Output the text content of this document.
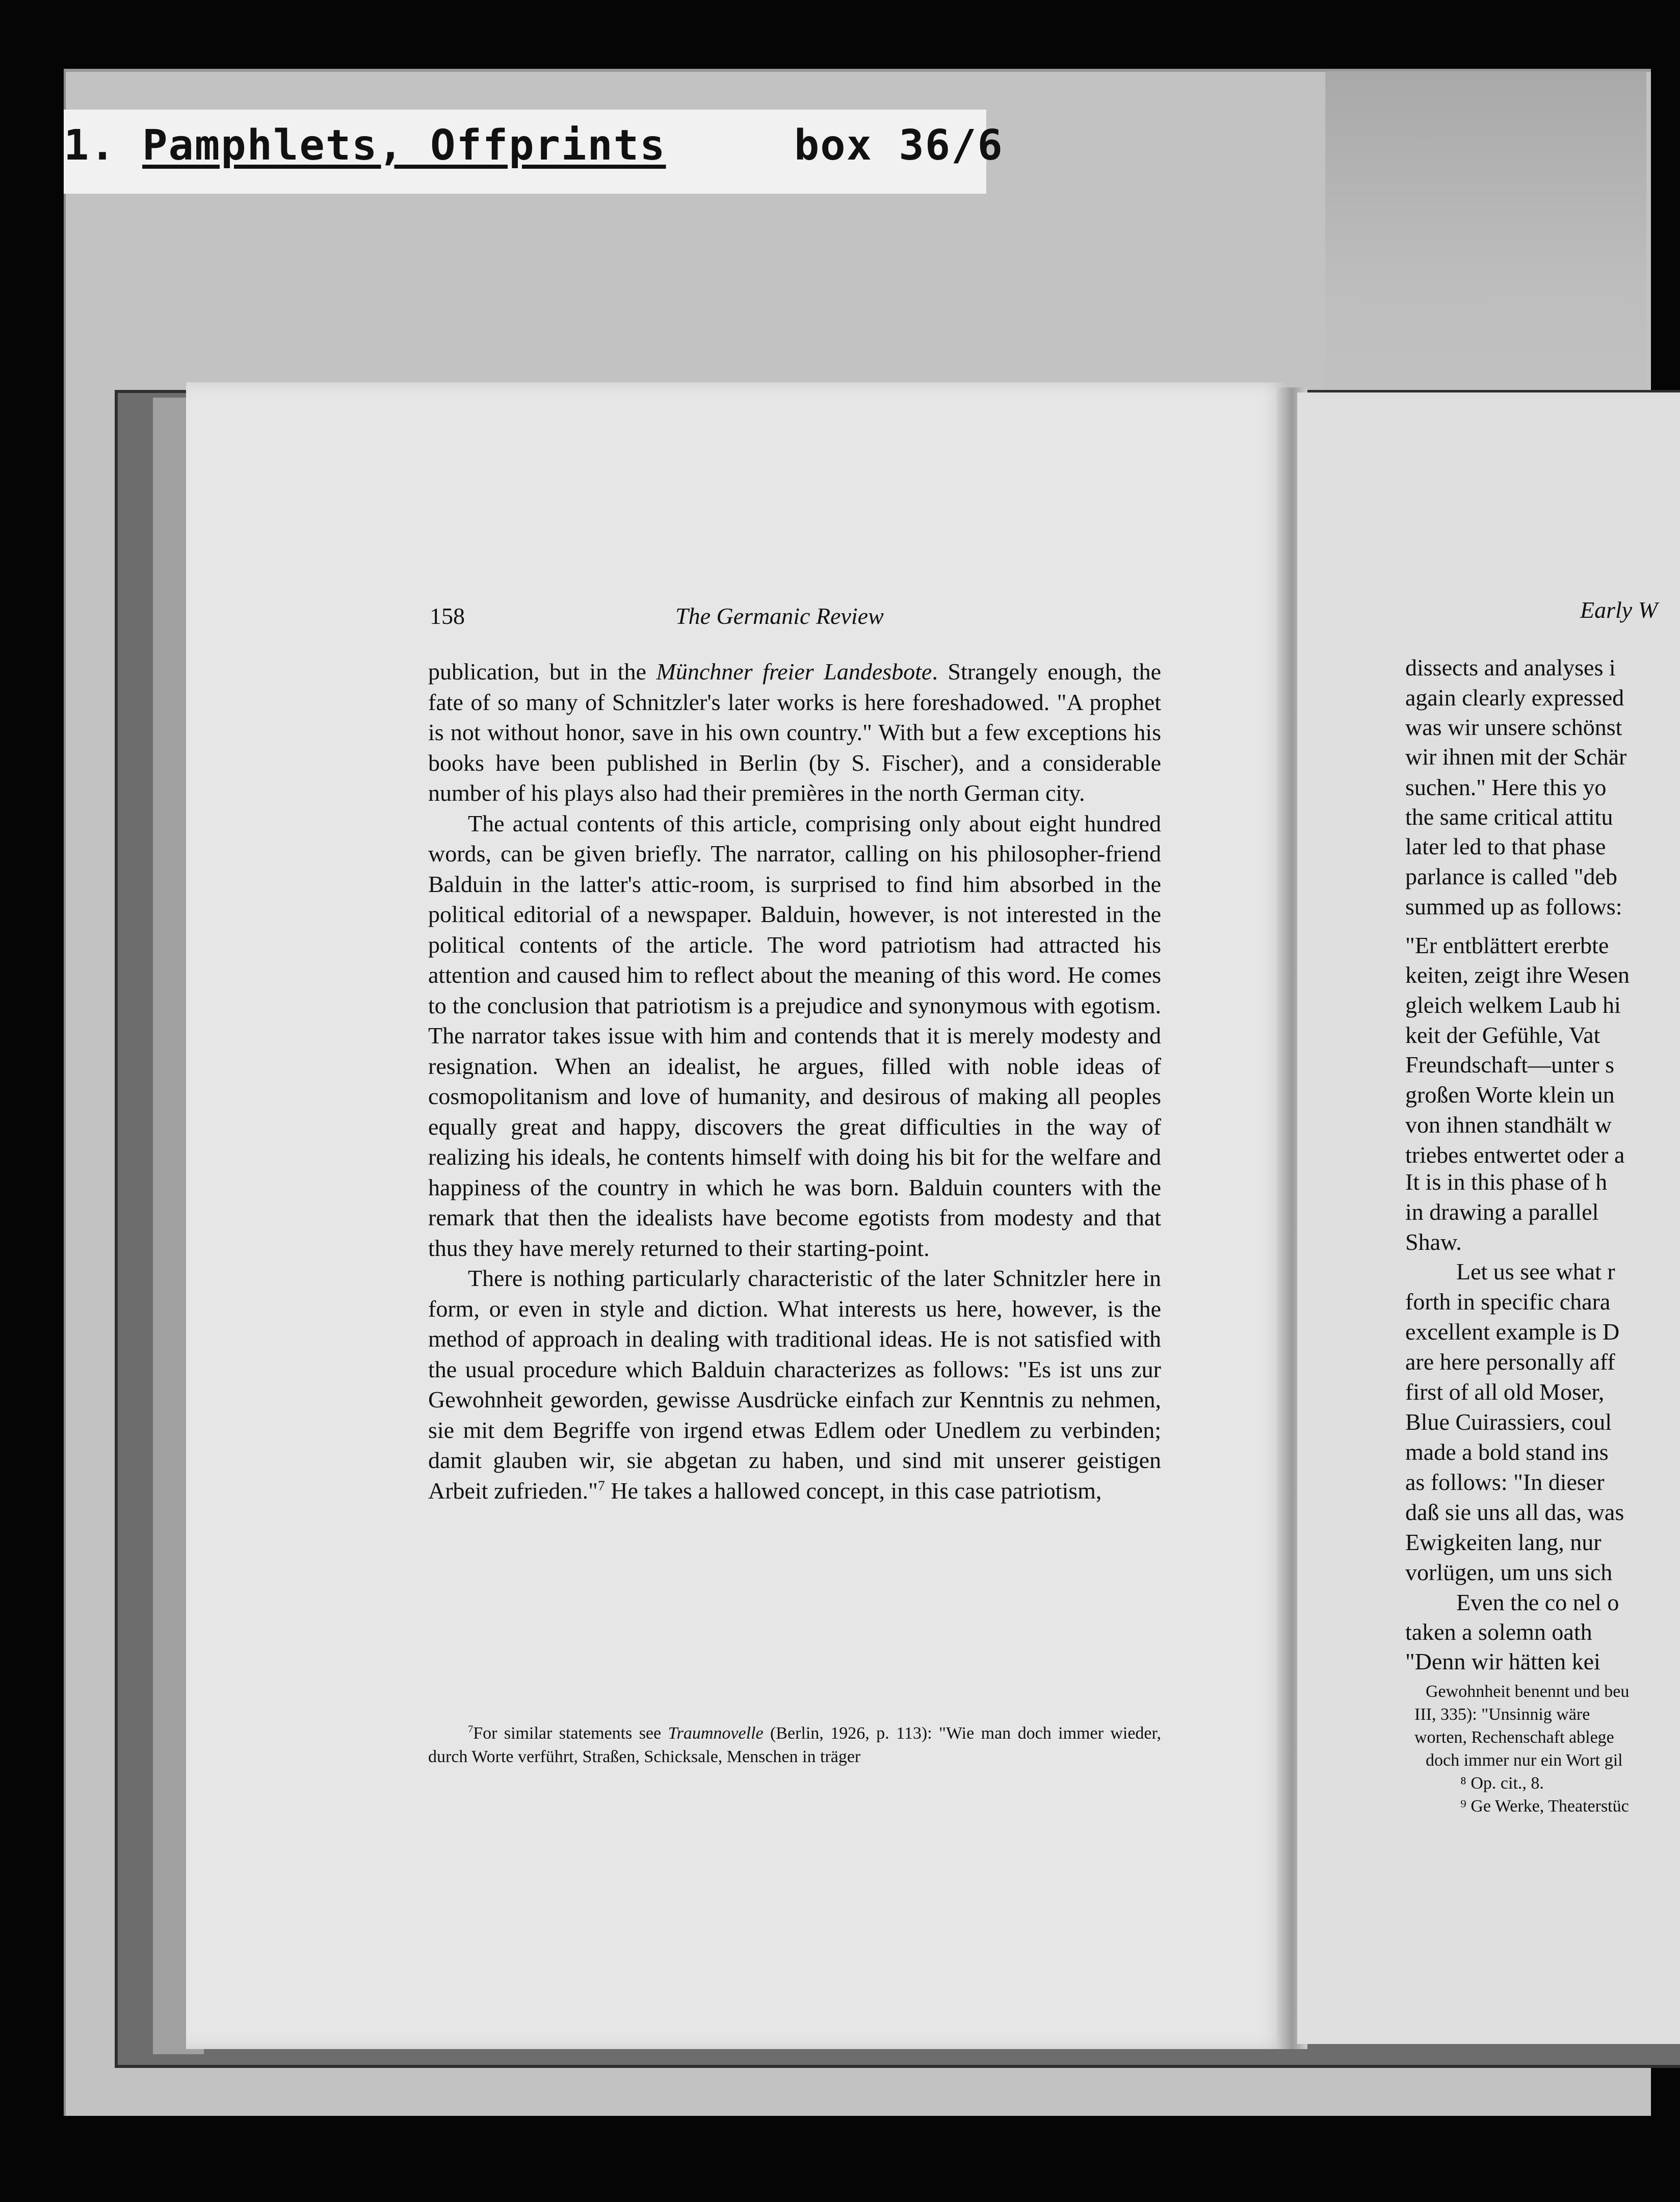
1. Pamphlets, Offprints	box 36/6
158	The Germanic Review

publication, but in the Münchner freier Landesbote. Strangely enough, the fate of so many of Schnitzler's later works is here foreshadowed. "A prophet is not without honor, save in his own country." With but a few exceptions his books have been published in Berlin (by S. Fischer), and a considerable number of his plays also had their premières in the north German city.

The actual contents of this article, comprising only about eight hundred words, can be given briefly. The narrator, calling on his philosopher-friend Balduin in the latter's attic-room, is surprised to find him absorbed in the political editorial of a newspaper. Balduin, however, is not interested in the political contents of the article. The word patriotism had attracted his attention and caused him to reflect about the meaning of this word. He comes to the conclusion that patriotism is a prejudice and synonymous with egotism. The narrator takes issue with him and contends that it is merely modesty and resignation. When an idealist, he argues, filled with noble ideas of cosmopolitanism and love of humanity, and desirous of making all peoples equally great and happy, discovers the great difficulties in the way of realizing his ideals, he contents himself with doing his bit for the welfare and happiness of the country in which he was born. Balduin counters with the remark that then the idealists have become egotists from modesty and that thus they have merely returned to their starting-point.

There is nothing particularly characteristic of the later Schnitzler here in form, or even in style and diction. What interests us here, however, is the method of approach in dealing with traditional ideas. He is not satisfied with the usual procedure which Balduin characterizes as follows: "Es ist uns zur Gewohnheit geworden, gewisse Ausdrücke einfach zur Kenntnis zu nehmen, sie mit dem Begriffe von irgend etwas Edlem oder Unedlem zu verbinden; damit glauben wir, sie abgetan zu haben, und sind mit unserer geistigen Arbeit zufrieden."$^7$ He takes a hallowed concept, in this case patriotism,

$^7$For similar statements see Traumnovelle (Berlin, 1926, p. 113): "Wie man doch immer wieder, durch Worte verführt, Straßen, Schicksale, Menschen in träger
Early W
dissects and analyses i
again clearly expressed
was wir unsere schönst
wir ihnen mit der Schär
suchen." Here this yo
the same critical attitu
later led to that phase
parlance is called "deb
summed up as follows:
"Er entblättert ererbte
keiten, zeigt ihre Wesen
gleich welkem Laub hi
keit der Gefühle, Vat
Freundschaft—unter s
großen Worte klein un
von ihnen standhält w
triebes entwertet oder a
It is in this phase of h
in drawing a parallel
Shaw.
Let us see what r
forth in specific chara
excellent example is D
are here personally aff
first of all old Moser,
Blue Cuirassiers, coul
made a bold stand ins
as follows: "In dieser
daß sie uns all das, was
Ewigkeiten lang, nur
vorlügen, um uns sich
Even the co nel o
taken a solemn oath
"Denn wir hätten kei
Gewohnheit benennt und beu
III, 335): "Unsinnig wäre
worten, Rechenschaft ablege
doch immer nur ein Wort gil
⁸ Op. cit., 8.
⁹ Ge Werke, Theaterstüc
